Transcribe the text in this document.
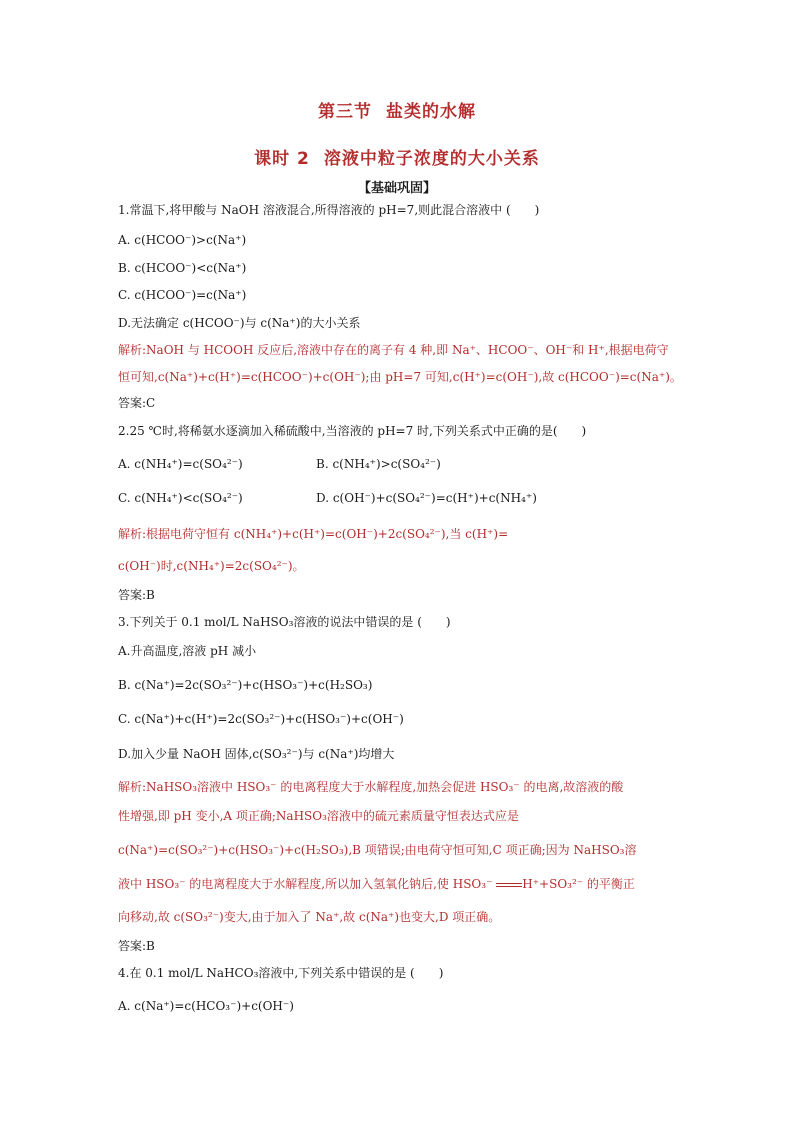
第三节 盐类的水解
课时 2 溶液中粒子浓度的大小关系
【基础巩固】
1.常温下,将甲酸与 NaOH 溶液混合,所得溶液的 pH=7,则此混合溶液中 (　　)
A. c(HCOO⁻)>c(Na⁺)
B. c(HCOO⁻)<c(Na⁺)
C. c(HCOO⁻)=c(Na⁺)
D.无法确定 c(HCOO⁻)与 c(Na⁺)的大小关系
解析:NaOH 与 HCOOH 反应后,溶液中存在的离子有 4 种,即 Na⁺、HCOO⁻、OH⁻和 H⁺,根据电荷守
恒可知,c(Na⁺)+c(H⁺)=c(HCOO⁻)+c(OH⁻);由 pH=7 可知,c(H⁺)=c(OH⁻),故 c(HCOO⁻)=c(Na⁺)。
答案:C
2.25 ℃时,将稀氨水逐滴加入稀硫酸中,当溶液的 pH=7 时,下列关系式中正确的是(　　)
A. c(NH₄⁺)=c(SO₄²⁻)	B. c(NH₄⁺)>c(SO₄²⁻)
C. c(NH₄⁺)<c(SO₄²⁻)	D. c(OH⁻)+c(SO₄²⁻)=c(H⁺)+c(NH₄⁺)
解析:根据电荷守恒有 c(NH₄⁺)+c(H⁺)=c(OH⁻)+2c(SO₄²⁻),当 c(H⁺)=
c(OH⁻)时,c(NH₄⁺)=2c(SO₄²⁻)。
答案:B
3.下列关于 0.1 mol/L NaHSO₃溶液的说法中错误的是 (　　)
A.升高温度,溶液 pH 减小
B. c(Na⁺)=2c(SO₃²⁻)+c(HSO₃⁻)+c(H₂SO₃)
C. c(Na⁺)+c(H⁺)=2c(SO₃²⁻)+c(HSO₃⁻)+c(OH⁻)
D.加入少量 NaOH 固体,c(SO₃²⁻)与 c(Na⁺)均增大
解析:NaHSO₃溶液中 HSO₃⁻ 的电离程度大于水解程度,加热会促进 HSO₃⁻ 的电离,故溶液的酸
性增强,即 pH 变小,A 项正确;NaHSO₃溶液中的硫元素质量守恒表达式应是
c(Na⁺)=c(SO₃²⁻)+c(HSO₃⁻)+c(H₂SO₃),B 项错误;由电荷守恒可知,C 项正确;因为 NaHSO₃溶
液中 HSO₃⁻ 的电离程度大于水解程度,所以加入氢氧化钠后,使 HSO₃⁻ H⁺+SO₃²⁻ 的平衡正
向移动,故 c(SO₃²⁻)变大,由于加入了 Na⁺,故 c(Na⁺)也变大,D 项正确。
答案:B
4.在 0.1 mol/L NaHCO₃溶液中,下列关系中错误的是 (　　)
A. c(Na⁺)=c(HCO₃⁻)+c(OH⁻)
